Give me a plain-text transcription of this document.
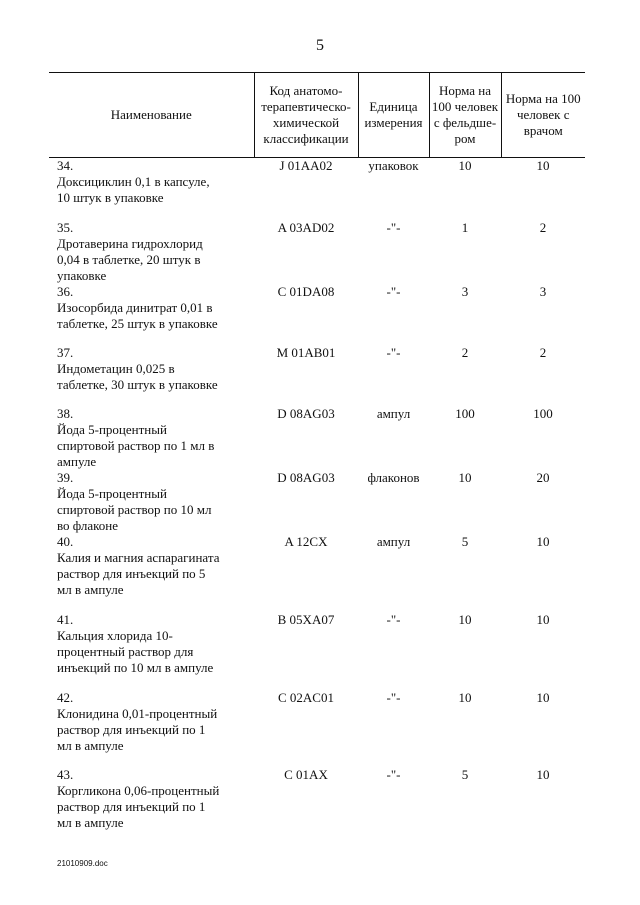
5
Наименование	Код анатомо-терапевтическо-химической классификации	Единица измерения	Норма на 100 человек с фельдше-ром	Норма на 100 человек с врачом
34.Доксициклин 0,1 в капсуле, 10 штук в упаковке	J 01AA02	упаковок	10	10
35.Дротаверина гидрохлорид 0,04 в таблетке, 20 штук в упаковке	A 03AD02	-"-	1	2
36.Изосорбида динитрат 0,01 в таблетке, 25 штук в упаковке	C 01DA08	-"-	3	3
37.Индометацин 0,025 в таблетке, 30 штук в упаковке	M 01AB01	-"-	2	2
38.Йода 5-процентный спиртовой раствор по 1 мл в ампуле	D 08AG03	ампул	100	100
39.Йода 5-процентный спиртовой раствор по 10 мл во флаконе	D 08AG03	флаконов	10	20
40.Калия и магния аспарагината раствор для инъекций по 5 мл в ампуле	A 12CX	ампул	5	10
41.Кальция хлорида 10-процентный раствор для инъекций по 10 мл в ампуле	B 05XA07	-"-	10	10
42.Клонидина 0,01-процентный раствор для инъекций по 1 мл в ампуле	C 02AC01	-"-	10	10
43.Коргликона 0,06-процентный раствор для инъекций по 1 мл в ампуле	C 01AX	-"-	5	10
21010909.doc
